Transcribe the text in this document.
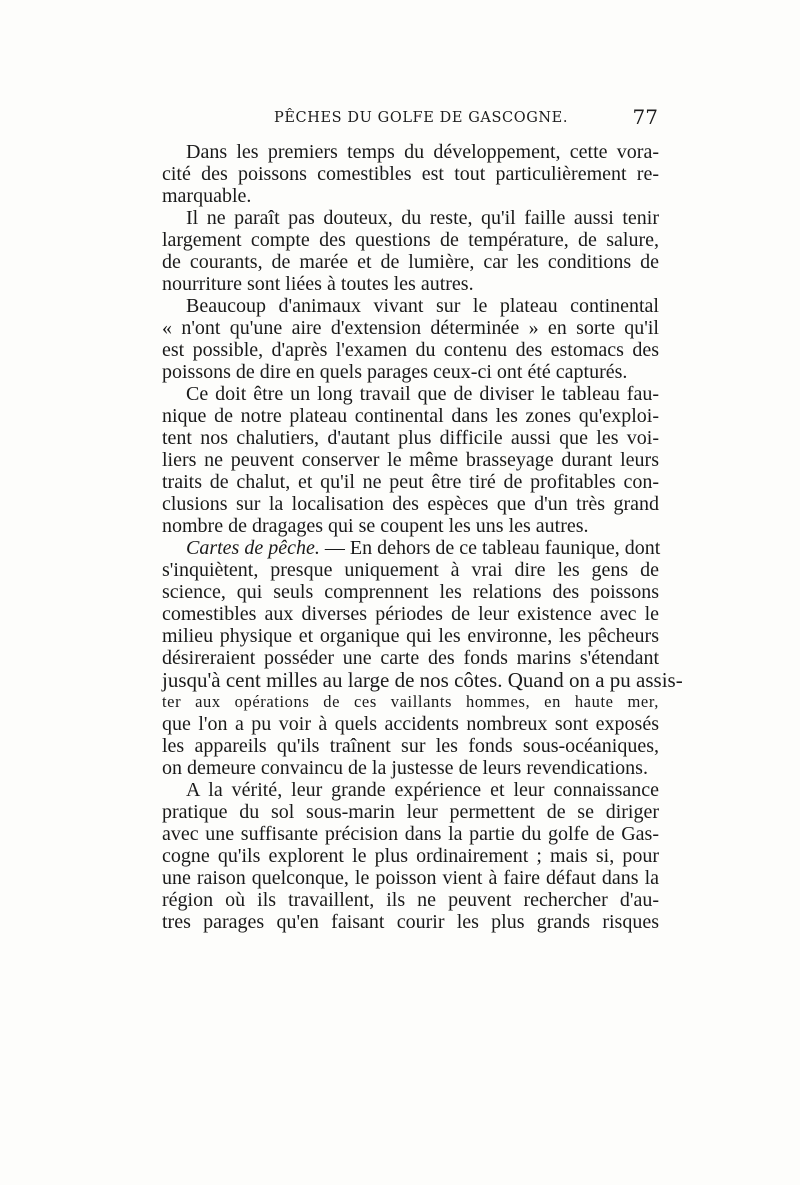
PÊCHES DU GOLFE DE GASCOGNE.	77
Dans les premiers temps du développement, cette vora-
cité des poissons comestibles est tout particulièrement re-
marquable.
Il ne paraît pas douteux, du reste, qu'il faille aussi tenir
largement compte des questions de température, de salure,
de courants, de marée et de lumière, car les conditions de
nourriture sont liées à toutes les autres.
Beaucoup d'animaux vivant sur le plateau continental
« n'ont qu'une aire d'extension déterminée » en sorte qu'il
est possible, d'après l'examen du contenu des estomacs des
poissons de dire en quels parages ceux-ci ont été capturés.
Ce doit être un long travail que de diviser le tableau fau-
nique de notre plateau continental dans les zones qu'exploi-
tent nos chalutiers, d'autant plus difficile aussi que les voi-
liers ne peuvent conserver le même brasseyage durant leurs
traits de chalut, et qu'il ne peut être tiré de profitables con-
clusions sur la localisation des espèces que d'un très grand
nombre de dragages qui se coupent les uns les autres.
Cartes de pêche. — En dehors de ce tableau faunique, dont
s'inquiètent, presque uniquement à vrai dire les gens de
science, qui seuls comprennent les relations des poissons
comestibles aux diverses périodes de leur existence avec le
milieu physique et organique qui les environne, les pêcheurs
désireraient posséder une carte des fonds marins s'étendant
jusqu'à cent milles au large de nos côtes. Quand on a pu assis-
ter aux opérations de ces vaillants hommes, en haute mer,
que l'on a pu voir à quels accidents nombreux sont exposés
les appareils qu'ils traînent sur les fonds sous-océaniques,
on demeure convaincu de la justesse de leurs revendications.
A la vérité, leur grande expérience et leur connaissance
pratique du sol sous-marin leur permettent de se diriger
avec une suffisante précision dans la partie du golfe de Gas-
cogne qu'ils explorent le plus ordinairement ; mais si, pour
une raison quelconque, le poisson vient à faire défaut dans la
région où ils travaillent, ils ne peuvent rechercher d'au-
tres parages qu'en faisant courir les plus grands risques
